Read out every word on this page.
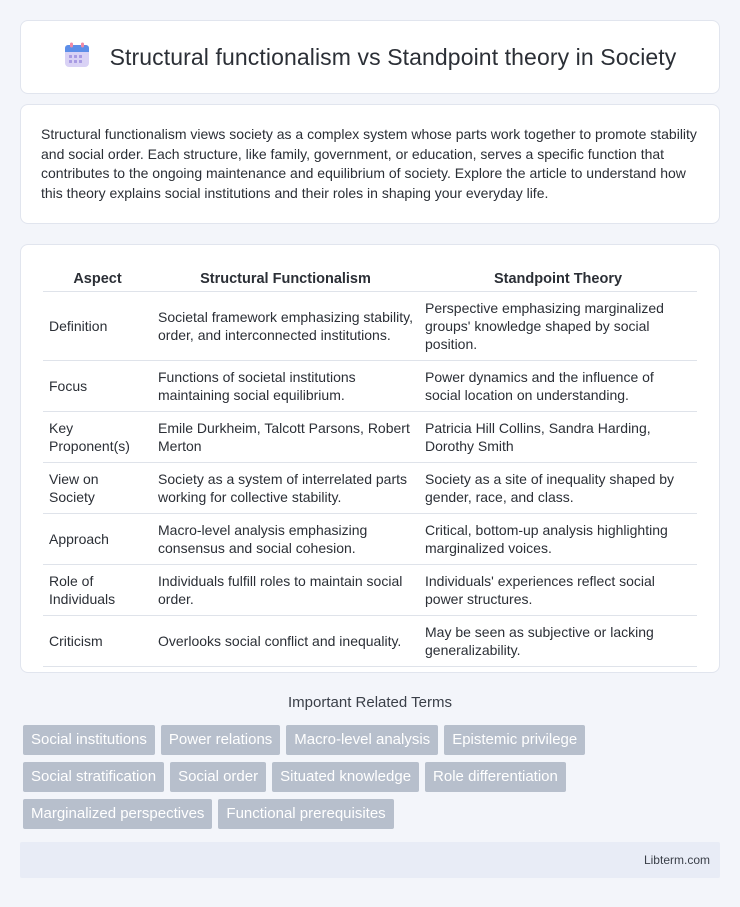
Structural functionalism vs Standpoint theory in Society

Structural functionalism views society as a complex system whose parts work together to promote stability and social order. Each structure, like family, government, or education, serves a specific function that contributes to the ongoing maintenance and equilibrium of society. Explore the article to understand how this theory explains social institutions and their roles in shaping your everyday life.

Aspect	Structural Functionalism	Standpoint Theory
Definition	Societal framework emphasizing stability, order, and interconnected institutions.	Perspective emphasizing marginalized groups' knowledge shaped by social position.
Focus	Functions of societal institutions maintaining social equilibrium.	Power dynamics and the influence of social location on understanding.
Key Proponent(s)	Emile Durkheim, Talcott Parsons, Robert Merton	Patricia Hill Collins, Sandra Harding, Dorothy Smith
View on Society	Society as a system of interrelated parts working for collective stability.	Society as a site of inequality shaped by gender, race, and class.
Approach	Macro-level analysis emphasizing consensus and social cohesion.	Critical, bottom-up analysis highlighting marginalized voices.
Role of Individuals	Individuals fulfill roles to maintain social order.	Individuals' experiences reflect social power structures.
Criticism	Overlooks social conflict and inequality.	May be seen as subjective or lacking generalizability.
Important Related Terms
Social institutions	Power relations	Macro-level analysis	Epistemic privilege
Social stratification	Social order	Situated knowledge	Role differentiation
Marginalized perspectives	Functional prerequisites
Libterm.com
